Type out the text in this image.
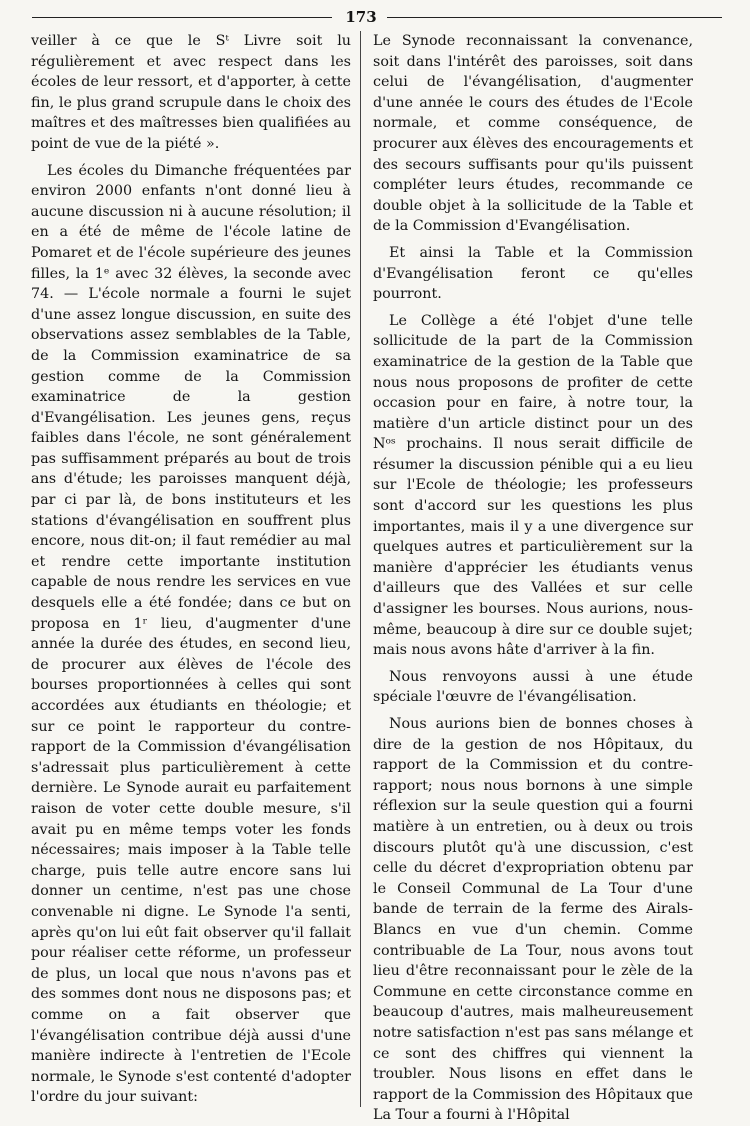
173

veiller à ce que le Sᵗ Livre soit lu régulièrement et avec respect dans les écoles de leur ressort, et d'apporter, à cette fin, le plus grand scrupule dans le choix des maîtres et des maîtresses bien qualifiées au point de vue de la piété ».

Les écoles du Dimanche fréquentées par environ 2000 enfants n'ont donné lieu à aucune discussion ni à aucune résolution; il en a été de même de l'école latine de Pomaret et de l'école supérieure des jeunes filles, la 1ᵉ avec 32 élèves, la seconde avec 74. — L'école normale a fourni le sujet d'une assez longue discussion, en suite des observations assez semblables de la Table, de la Commission examinatrice de sa gestion comme de la Commission examinatrice de la gestion d'Evangélisation. Les jeunes gens, reçus faibles dans l'école, ne sont généralement pas suffisamment préparés au bout de trois ans d'étude; les paroisses manquent déjà, par ci par là, de bons instituteurs et les stations d'évangélisation en souffrent plus encore, nous dit-on; il faut remédier au mal et rendre cette importante institution capable de nous rendre les services en vue desquels elle a été fondée; dans ce but on proposa en 1ʳ lieu, d'augmenter d'une année la durée des études, en second lieu, de procurer aux élèves de l'école des bourses proportionnées à celles qui sont accordées aux étudiants en théologie; et sur ce point le rapporteur du contre-rapport de la Commission d'évangélisation s'adressait plus particulièrement à cette dernière. Le Synode aurait eu parfaitement raison de voter cette double mesure, s'il avait pu en même temps voter les fonds nécessaires; mais imposer à la Table telle charge, puis telle autre encore sans lui donner un centime, n'est pas une chose convenable ni digne. Le Synode l'a senti, après qu'on lui eût fait observer qu'il fallait pour réaliser cette réforme, un professeur de plus, un local que nous n'avons pas et des sommes dont nous ne disposons pas; et comme on a fait observer que l'évangélisation contribue déjà aussi d'une manière indirecte à l'entretien de l'Ecole normale, le Synode s'est contenté d'adopter l'ordre du jour suivant:

Le Synode reconnaissant la convenance, soit dans l'intérêt des paroisses, soit dans celui de l'évangélisation, d'augmenter d'une année le cours des études de l'Ecole normale, et comme conséquence, de procurer aux élèves des encouragements et des secours suffisants pour qu'ils puissent compléter leurs études, recommande ce double objet à la sollicitude de la Table et de la Commission d'Evangélisation.

Et ainsi la Table et la Commission d'Evangélisation feront ce qu'elles pourront.

Le Collège a été l'objet d'une telle sollicitude de la part de la Commission examinatrice de la gestion de la Table que nous nous proposons de profiter de cette occasion pour en faire, à notre tour, la matière d'un article distinct pour un des Nᵒˢ prochains. Il nous serait difficile de résumer la discussion pénible qui a eu lieu sur l'Ecole de théologie; les professeurs sont d'accord sur les questions les plus importantes, mais il y a une divergence sur quelques autres et particulièrement sur la manière d'apprécier les étudiants venus d'ailleurs que des Vallées et sur celle d'assigner les bourses. Nous aurions, nous-même, beaucoup à dire sur ce double sujet; mais nous avons hâte d'arriver à la fin.

Nous renvoyons aussi à une étude spéciale l'œuvre de l'évangélisation.

Nous aurions bien de bonnes choses à dire de la gestion de nos Hôpitaux, du rapport de la Commission et du contre-rapport; nous nous bornons à une simple réflexion sur la seule question qui a fourni matière à un entretien, ou à deux ou trois discours plutôt qu'à une discussion, c'est celle du décret d'expropriation obtenu par le Conseil Communal de La Tour d'une bande de terrain de la ferme des Airals-Blancs en vue d'un chemin. Comme contribuable de La Tour, nous avons tout lieu d'être reconnaissant pour le zèle de la Commune en cette circonstance comme en beaucoup d'autres, mais malheureusement notre satisfaction n'est pas sans mélange et ce sont des chiffres qui viennent la troubler. Nous lisons en effet dans le rapport de la Commission des Hôpitaux que La Tour a fourni à l'Hôpital
